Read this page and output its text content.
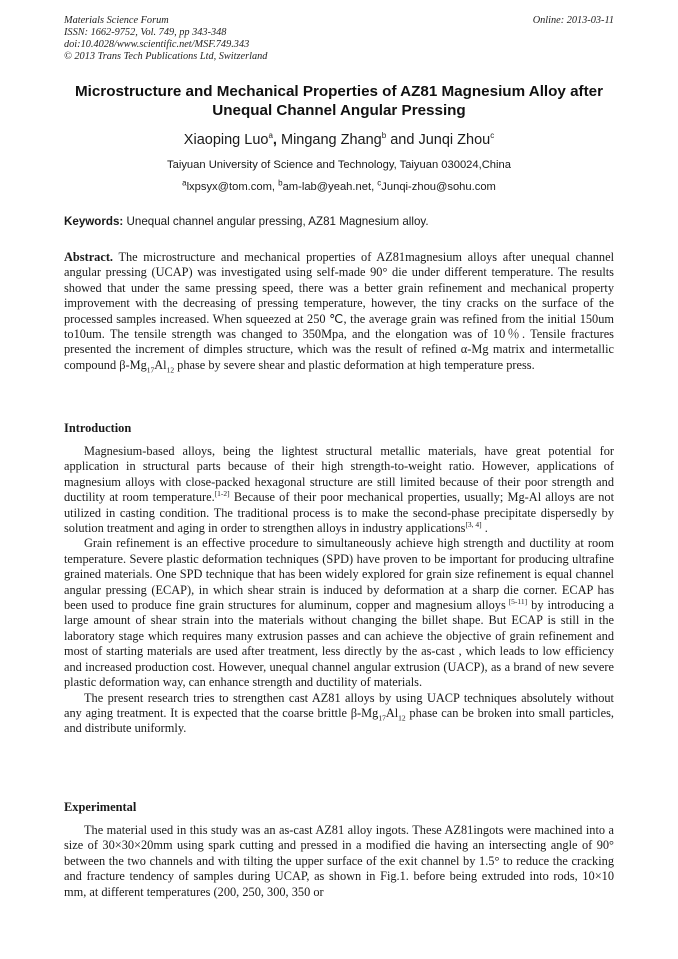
Materials Science Forum
ISSN: 1662-9752, Vol. 749, pp 343-348
doi:10.4028/www.scientific.net/MSF.749.343
© 2013 Trans Tech Publications Ltd, Switzerland
Online: 2013-03-11
Microstructure and Mechanical Properties of AZ81 Magnesium Alloy after Unequal Channel Angular Pressing
Xiaoping Luo$^a$, Mingang Zhang$^b$ and Junqi Zhou$^c$
Taiyuan University of Science and Technology, Taiyuan 030024,China
$^a$lxpsyx@tom.com, $^b$am-lab@yeah.net, $^c$Junqi-zhou@sohu.com
Keywords: Unequal channel angular pressing, AZ81 Magnesium alloy.
Abstract. The microstructure and mechanical properties of AZ81magnesium alloys after unequal channel angular pressing (UCAP) was investigated using self-made 90° die under different temperature. The results showed that under the same pressing speed, there was a better grain refinement and mechanical property improvement with the decreasing of pressing temperature, however, the tiny cracks on the surface of the processed samples increased. When squeezed at 250 ℃, the average grain was refined from the initial 150um to10um. The tensile strength was changed to 350Mpa, and the elongation was of 10％. Tensile fractures presented the increment of dimples structure, which was the result of refined α-Mg matrix and intermetallic compound $\beta-Mg_{17}Al_{12}$ phase by severe shear and plastic deformation at high temperature press.
Introduction

Magnesium-based alloys, being the lightest structural metallic materials, have great potential for application in structural parts because of their high strength-to-weight ratio. However, applications of magnesium alloys with close-packed hexagonal structure are still limited because of their poor strength and ductility at room temperature.[1-2] Because of their poor mechanical properties, usually; Mg-Al alloys are not utilized in casting condition. The traditional process is to make the second-phase precipitate dispersedly by solution treatment and aging in order to strengthen alloys in industry applications[3, 4] .

Grain refinement is an effective procedure to simultaneously achieve high strength and ductility at room temperature. Severe plastic deformation techniques (SPD) have proven to be important for producing ultrafine grained materials. One SPD technique that has been widely explored for grain size refinement is equal channel angular pressing (ECAP), in which shear strain is induced by deformation at a sharp die corner. ECAP has been used to produce fine grain structures for aluminum, copper and magnesium alloys [5-11] by introducing a large amount of shear strain into the materials without changing the billet shape. But ECAP is still in the laboratory stage which requires many extrusion passes and can achieve the objective of grain refinement and most of starting materials are used after treatment, less directly by the as-cast , which leads to low efficiency and increased production cost. However, unequal channel angular extrusion (UACP), as a brand of new severe plastic deformation way, can enhance strength and ductility of materials.

The present research tries to strengthen cast AZ81 alloys by using UACP techniques absolutely without any aging treatment. It is expected that the coarse brittle $\beta-Mg_{17}Al_{12}$ phase can be broken into small particles, and distribute uniformly.

Experimental

The material used in this study was an as-cast AZ81 alloy ingots. These AZ81ingots were machined into a size of 30×30×20mm using spark cutting and pressed in a modified die having an intersecting angle of 90° between the two channels and with tilting the upper surface of the exit channel by 1.5° to reduce the cracking and fracture tendency of samples during UCAP, as shown in Fig.1. before being extruded into rods, 10×10 mm, at different temperatures (200, 250, 300, 350 or
